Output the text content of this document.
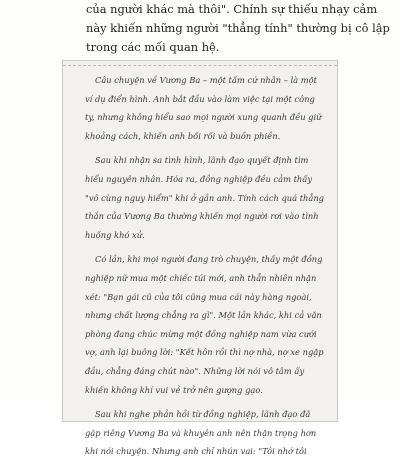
của người khác mà thôi". Chính sự thiếu nhạy cảm
này khiến những người "thẳng tính" thường bị cô lập
trong các mối quan hệ.

Câu chuyện về Vương Ba – một tấm cứ nhân – là một
ví dụ điển hình. Anh bắt đầu vào làm việc tại một công
ty, nhưng không hiểu sao mọi người xung quanh đều giữ
khoảng cách, khiến anh bối rối và buồn phiền.

Sau khi nhận sa tình hình, lãnh đạo quyết định tìm
hiểu nguyên nhân. Hóa ra, đồng nghiệp đều cảm thấy
"vô cùng nguy hiểm" khi ở gần anh. Tính cách quá thẳng
thắn của Vương Ba thường khiến mọi người rơi vào tình
huống khó xử.

Có lần, khi mọi người đang trò chuyện, thấy một đồng
nghiệp nữ mua một chiếc túi mới, anh thẳn nhiên nhận
xét: "Bạn gái cũ của tôi cũng mua cái này hàng ngoài,
nhưng chất lượng chẳng ra gì". Một lần khác, khi cả văn
phòng đang chúc mừng một đồng nghiệp nam vừa cưới
vợ, anh lại buông lời: "Kết hôn rồi thì nợ nhà, nợ xe ngập
đầu, chẳng đáng chút nào". Những lời nói vô tâm ấy
khiến không khí vui vẻ trở nên gượng gạo.

Sau khi nghe phản hồi từ đồng nghiệp, lãnh đạo đã
gặp riêng Vương Ba và khuyên anh nên thận trọng hơn
khi nói chuyện. Nhưng anh chỉ nhún vai: "Tôi nhớ tôi
